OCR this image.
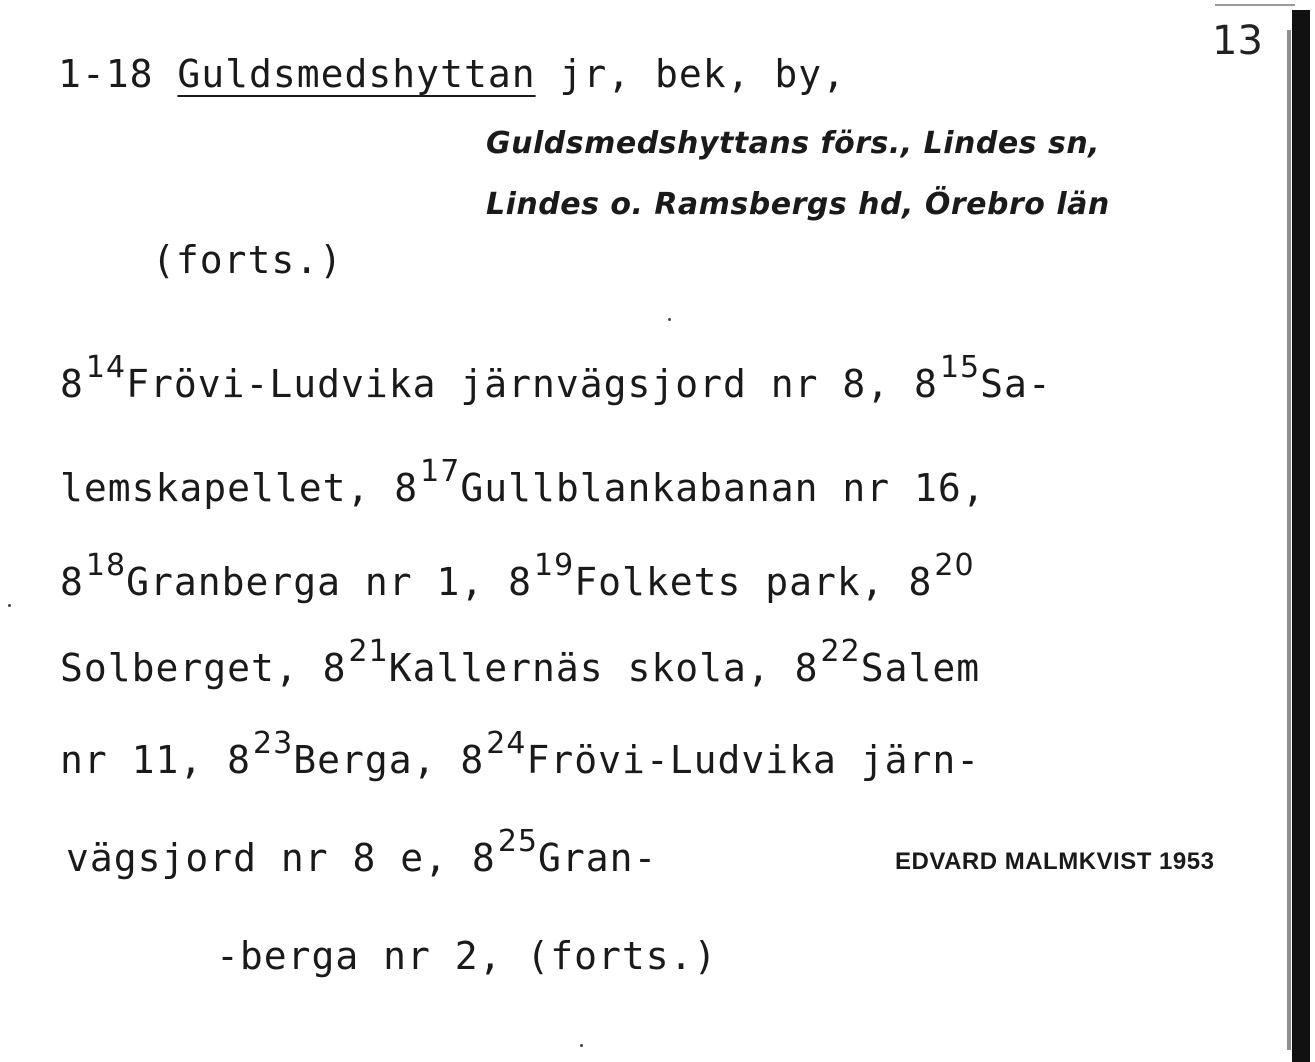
13
1-18 Guldsmedshyttan jr, bek, by,
Guldsmedshyttans förs., Lindes sn,
Lindes o. Ramsbergs hd, Örebro län
(forts.)
$8^{14}Frövi$-Ludvika järnvägsjord nr 8, $8^{15}Sa-$
lemskapellet, $8^{17}Gullblankabanan$ nr 16,
$8^{18}Granberga$ nr 1, $8^{19}Folkets$ park, $8^{20}$
Solberget, $8^{21}Kallernäs$ skola, $8^{22}Salem$
nr 11, $8^{23}Berga$, $8^{24}Frövi$-Ludvika järn-
vägsjord nr 8 e, $8^{25}Gran-$
-berga nr 2, (forts.)
EDVARD MALMKVIST 1953
